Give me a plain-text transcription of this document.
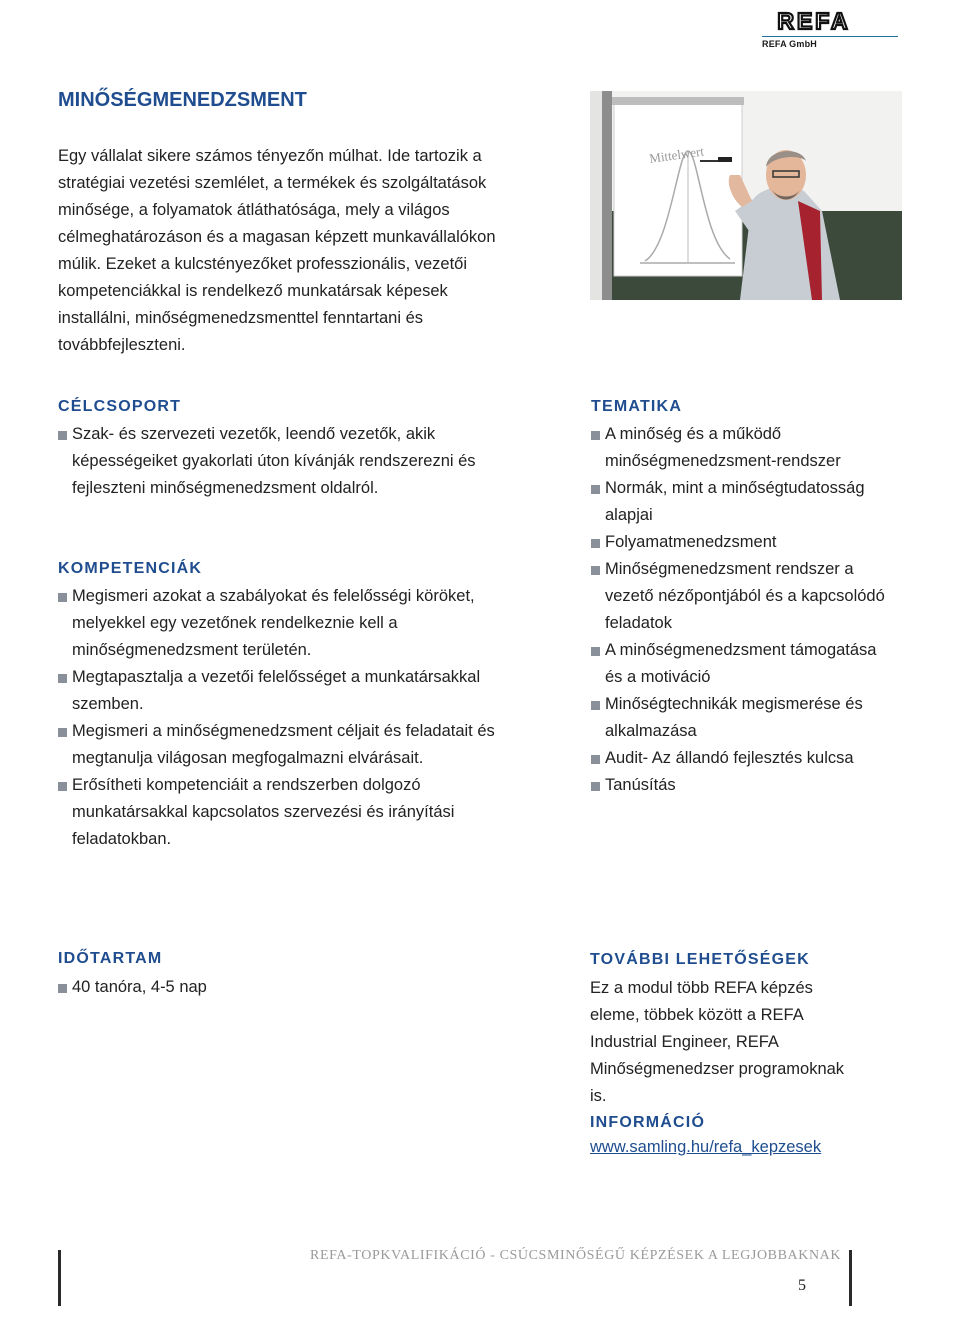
REFA
REFA GmbH
MINŐSÉGMENEDZSMENT
Egy vállalat sikere számos tényezőn múlhat. Ide tartozik a stratégiai vezetési szemlélet, a termékek és szolgáltatások minősége, a folyamatok átláthatósága, mely a világos célmeghatározáson és a magasan képzett munkavállalókon múlik. Ezeket a kulcstényezőket professzionális, vezetői kompetenciákkal is rendelkező munkatársak képesek installálni, minőségmenedzsmenttel fenntartani és továbbfejleszteni.
Mittelwert
CÉLCSOPORT
Szak- és szervezeti vezetők, leendő vezetők, akik képességeiket gyakorlati úton kívánják rendszerezni és fejleszteni minőségmenedzsment oldalról.
KOMPETENCIÁK
Megismeri azokat a szabályokat és felelősségi köröket, melyekkel egy vezetőnek rendelkeznie kell a minőségmenedzsment területén.
Megtapasztalja a vezetői felelősséget a munkatársakkal szemben.
Megismeri a minőségmenedzsment céljait és feladatait és megtanulja világosan megfogalmazni elvárásait.
Erősítheti kompetenciáit a rendszerben dolgozó munkatársakkal kapcsolatos szervezési és irányítási feladatokban.
TEMATIKA
A minőség és a működő minőségmenedzsment-rendszer
Normák, mint a minőségtudatosság alapjai
Folyamatmenedzsment
Minőségmenedzsment rendszer a vezető nézőpontjából és a kapcsolódó feladatok
A minőségmenedzsment támogatása és a motiváció
Minőségtechnikák megismerése és alkalmazása
Audit- Az állandó fejlesztés kulcsa
Tanúsítás
IDŐTARTAM
40 tanóra, 4-5 nap
TOVÁBBI LEHETŐSÉGEK
Ez a modul több REFA képzés eleme, többek között a REFA Industrial Engineer, REFA Minőségmenedzser programoknak is.
INFORMÁCIÓ
www.samling.hu/refa_kepzesek
REFA-TOPKVALIFIKÁCIÓ - CSÚCSMINŐSÉGŰ KÉPZÉSEK A LEGJOBBAKNAK
5
